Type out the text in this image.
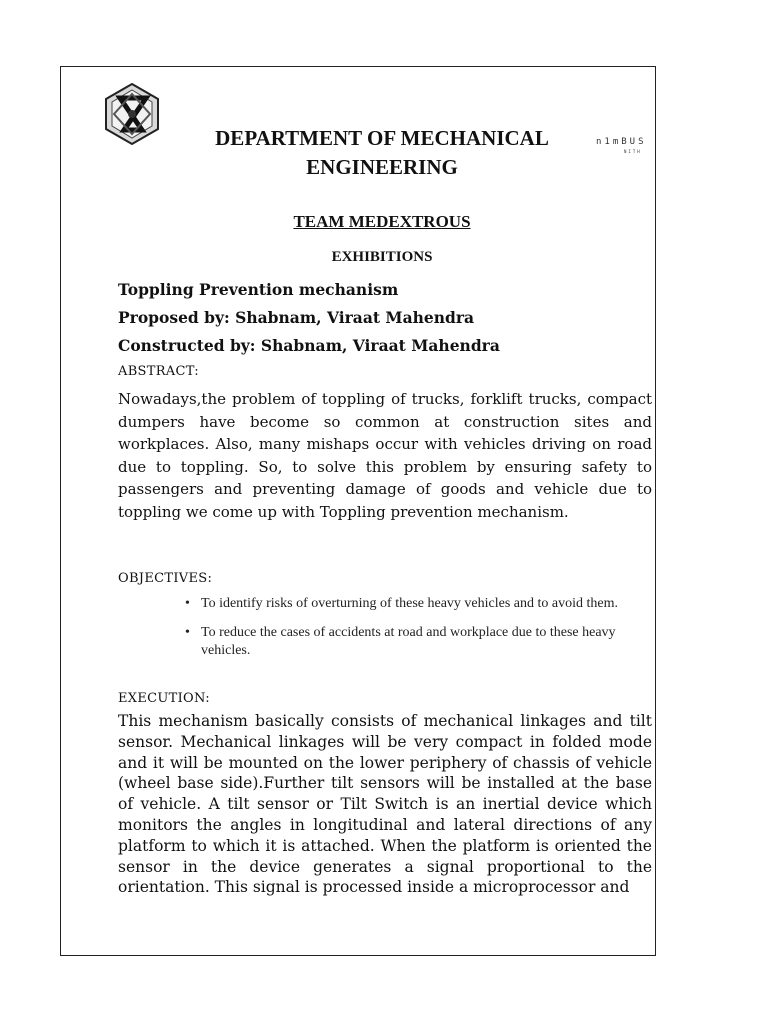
DEPARTMENT OF MECHANICAL
ENGINEERING
n1mBUS
NITH
TEAM MEDEXTROUS
EXHIBITIONS
Toppling Prevention mechanism
Proposed by: Shabnam, Viraat Mahendra
Constructed by: Shabnam, Viraat Mahendra
ABSTRACT:
Nowadays,the problem of toppling of trucks, forklift trucks, compact dumpers have become so common at construction sites and workplaces. Also, many mishaps occur with vehicles driving on road due to toppling. So, to solve this problem by ensuring safety to passengers and preventing damage of goods and vehicle due to toppling we come up with Toppling prevention mechanism.
OBJECTIVES:
• To identify risks of overturning of these heavy vehicles and to avoid them.
• To reduce the cases of accidents at road and workplace due to these heavy vehicles.
EXECUTION:
This mechanism basically consists of mechanical linkages and tilt sensor. Mechanical linkages will be very compact in folded mode and it will be mounted on the lower periphery of chassis of vehicle (wheel base side).Further tilt sensors will be installed at the base of vehicle. A tilt sensor or Tilt Switch is an inertial device which monitors the angles in longitudinal and lateral directions of any platform to which it is attached. When the platform is oriented the sensor in the device generates a signal proportional to the orientation. This signal is processed inside a microprocessor and
